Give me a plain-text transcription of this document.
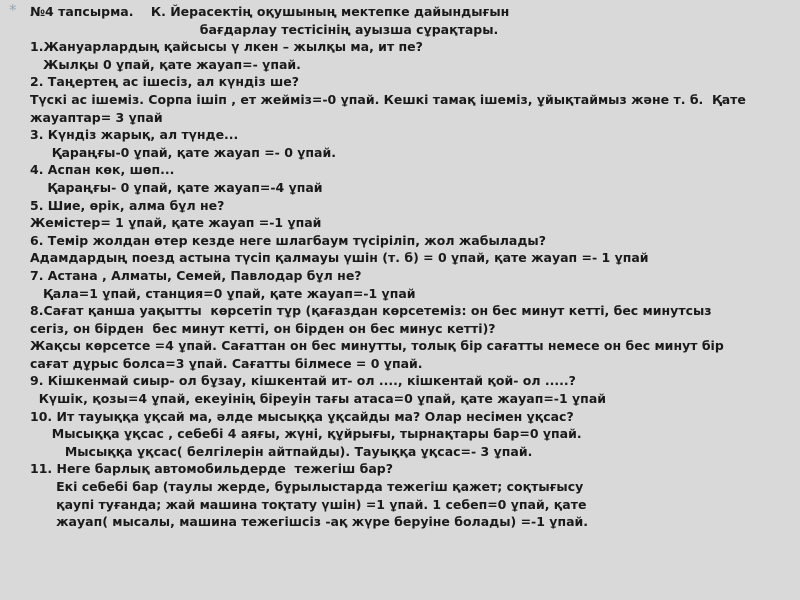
* №4 тапсырма.    К. Йерасектің оқушының мектепке дайындығын
бағдарлау тестісінің ауызша сұрақтары.
1.Жануарлардың қайсысы ү лкен – жылқы ма, ит пе?
Жылқы 0 ұпай, қате жауап=- ұпай.
2. Таңертeң ас ішесіз, ал күндіз ше?
Түскі ас ішеміз. Сорпа ішіп , ет жейміз=-0 ұпай. Кешкі тамақ ішеміз, ұйықтаймыз және т. б.  Қате
жауаптар= 3 ұпай
3. Күндіз жарық, ал түнде...
Қараңғы-0 ұпай, қате жауап =- 0 ұпай.
4. Аспан көк, шөп...
Қараңғы- 0 ұпай, қате жауап=-4 ұпай
5. Шие, өрік, алма бұл не?
Жемістер= 1 ұпай, қате жауап =-1 ұпай
6. Темір жолдан өтер кезде неге шлагбаум түсіріліп, жол жабылады?
Адамдардың поезд астына түсіп қалмауы үшін (т. б) = 0 ұпай, қате жауап =- 1 ұпай
7. Астана , Алматы, Семей, Павлодар бұл не?
Қала=1 ұпай, станция=0 ұпай, қате жауап=-1 ұпай
8.Сағат қанша уақытты  көрсетіп тұр (қaғаздан көрсетеміз: он бес минут кетті, бес минутсыз
сегіз, он бірден  бес минут кетті, он бірден он бес минус кетті)?
Жақсы көрсетсе =4 ұпай. Сағаттан он бес минутты, толық бір сағатты немесе он бес минут бір
сағат дұрыс болса=3 ұпай. Сағатты білмесе = 0 ұпай.
9. Кішкенмай сиыр- ол бұзау, кішкентай ит- ол ...., кішкентай қой- ол .....?
Күшік, қозы=4 ұпай, екеуінің біреуін тағы атаса=0 ұпай, қате жауап=-1 ұпай
10. Ит тауыққa ұқсай ма, әлде мысыққa ұқсайды ма? Олар несімен ұқсас?
Мысыққa ұқсас , себебі 4 аяғы, жүні, құйрығы, тырнақтары бар=0 ұпай.
Мысыққa ұқсас( белгілерін айтпайды). Тауыққa ұқсас=- 3 ұпай.
11. Неге барлық автомобильдерде  тежегіш бар?
Екі себебі бар (таулы жерде, бұрылыстарда тежегіш қaжет; соқтығысу
қаупі туғанда; жай машина тоқтату үшін) =1 ұпай. 1 себеп=0 ұпай, қaте
жауап( мысалы, машина тежегішсіз -ақ жүре беруіне болады) =-1 ұпай.
